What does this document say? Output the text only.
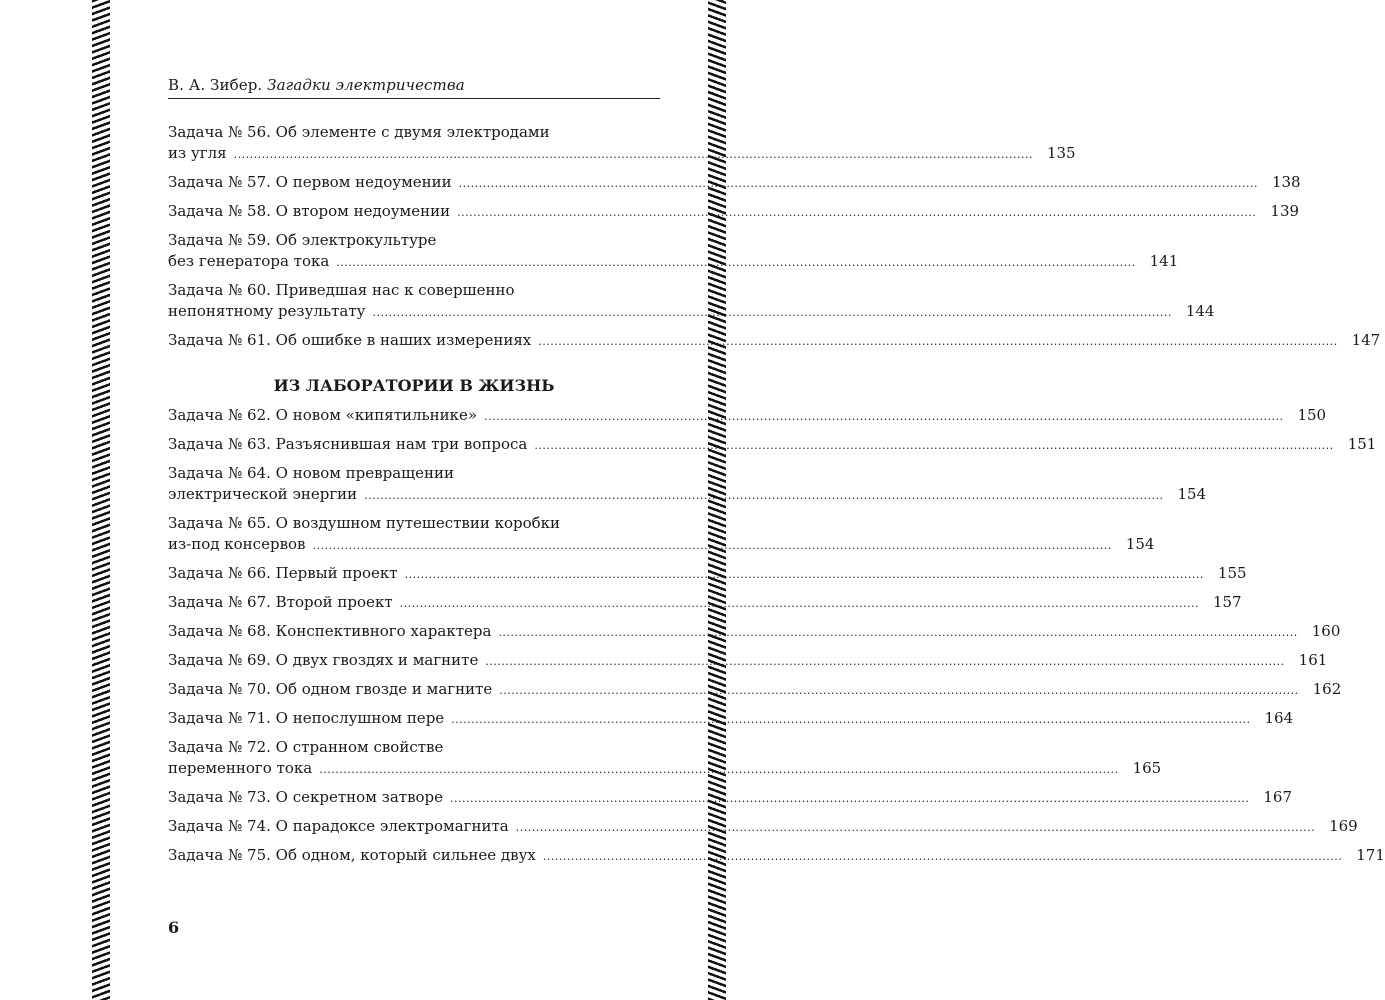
В. А. Зибер. Загадки электричества
Задача № 56. Об элементе с двумя электродами
из угля ........................................................................................................................................................................................................ 135
Задача № 57. О первом недоумении ........................................................................................................................................................................................................ 138
Задача № 58. О втором недоумении ........................................................................................................................................................................................................ 139
Задача № 59. Об электрокультуре
без генератора тока ........................................................................................................................................................................................................ 141
Задача № 60. Приведшая нас к совершенно
непонятному результату ........................................................................................................................................................................................................ 144
Задача № 61. Об ошибке в наших измерениях ........................................................................................................................................................................................................ 147
ИЗ ЛАБОРАТОРИИ В ЖИЗНЬ
Задача № 62. О новом «кипятильнике» ........................................................................................................................................................................................................ 150
Задача № 63. Разъяснившая нам три вопроса ........................................................................................................................................................................................................ 151
Задача № 64. О новом превращении
электрической энергии ........................................................................................................................................................................................................ 154
Задача № 65. О воздушном путешествии коробки
из-под консервов ........................................................................................................................................................................................................ 154
Задача № 66. Первый проект ........................................................................................................................................................................................................ 155
Задача № 67. Второй проект ........................................................................................................................................................................................................ 157
Задача № 68. Конспективного характера ........................................................................................................................................................................................................ 160
Задача № 69. О двух гвоздях и магните ........................................................................................................................................................................................................ 161
Задача № 70. Об одном гвозде и магните ........................................................................................................................................................................................................ 162
Задача № 71. О непослушном пере ........................................................................................................................................................................................................ 164
Задача № 72. О странном свойстве
переменного тока ........................................................................................................................................................................................................ 165
Задача № 73. О секретном затворе ........................................................................................................................................................................................................ 167
Задача № 74. О парадоксе электромагнита ........................................................................................................................................................................................................ 169
Задача № 75. Об одном, который сильнее двух ........................................................................................................................................................................................................ 171
6
